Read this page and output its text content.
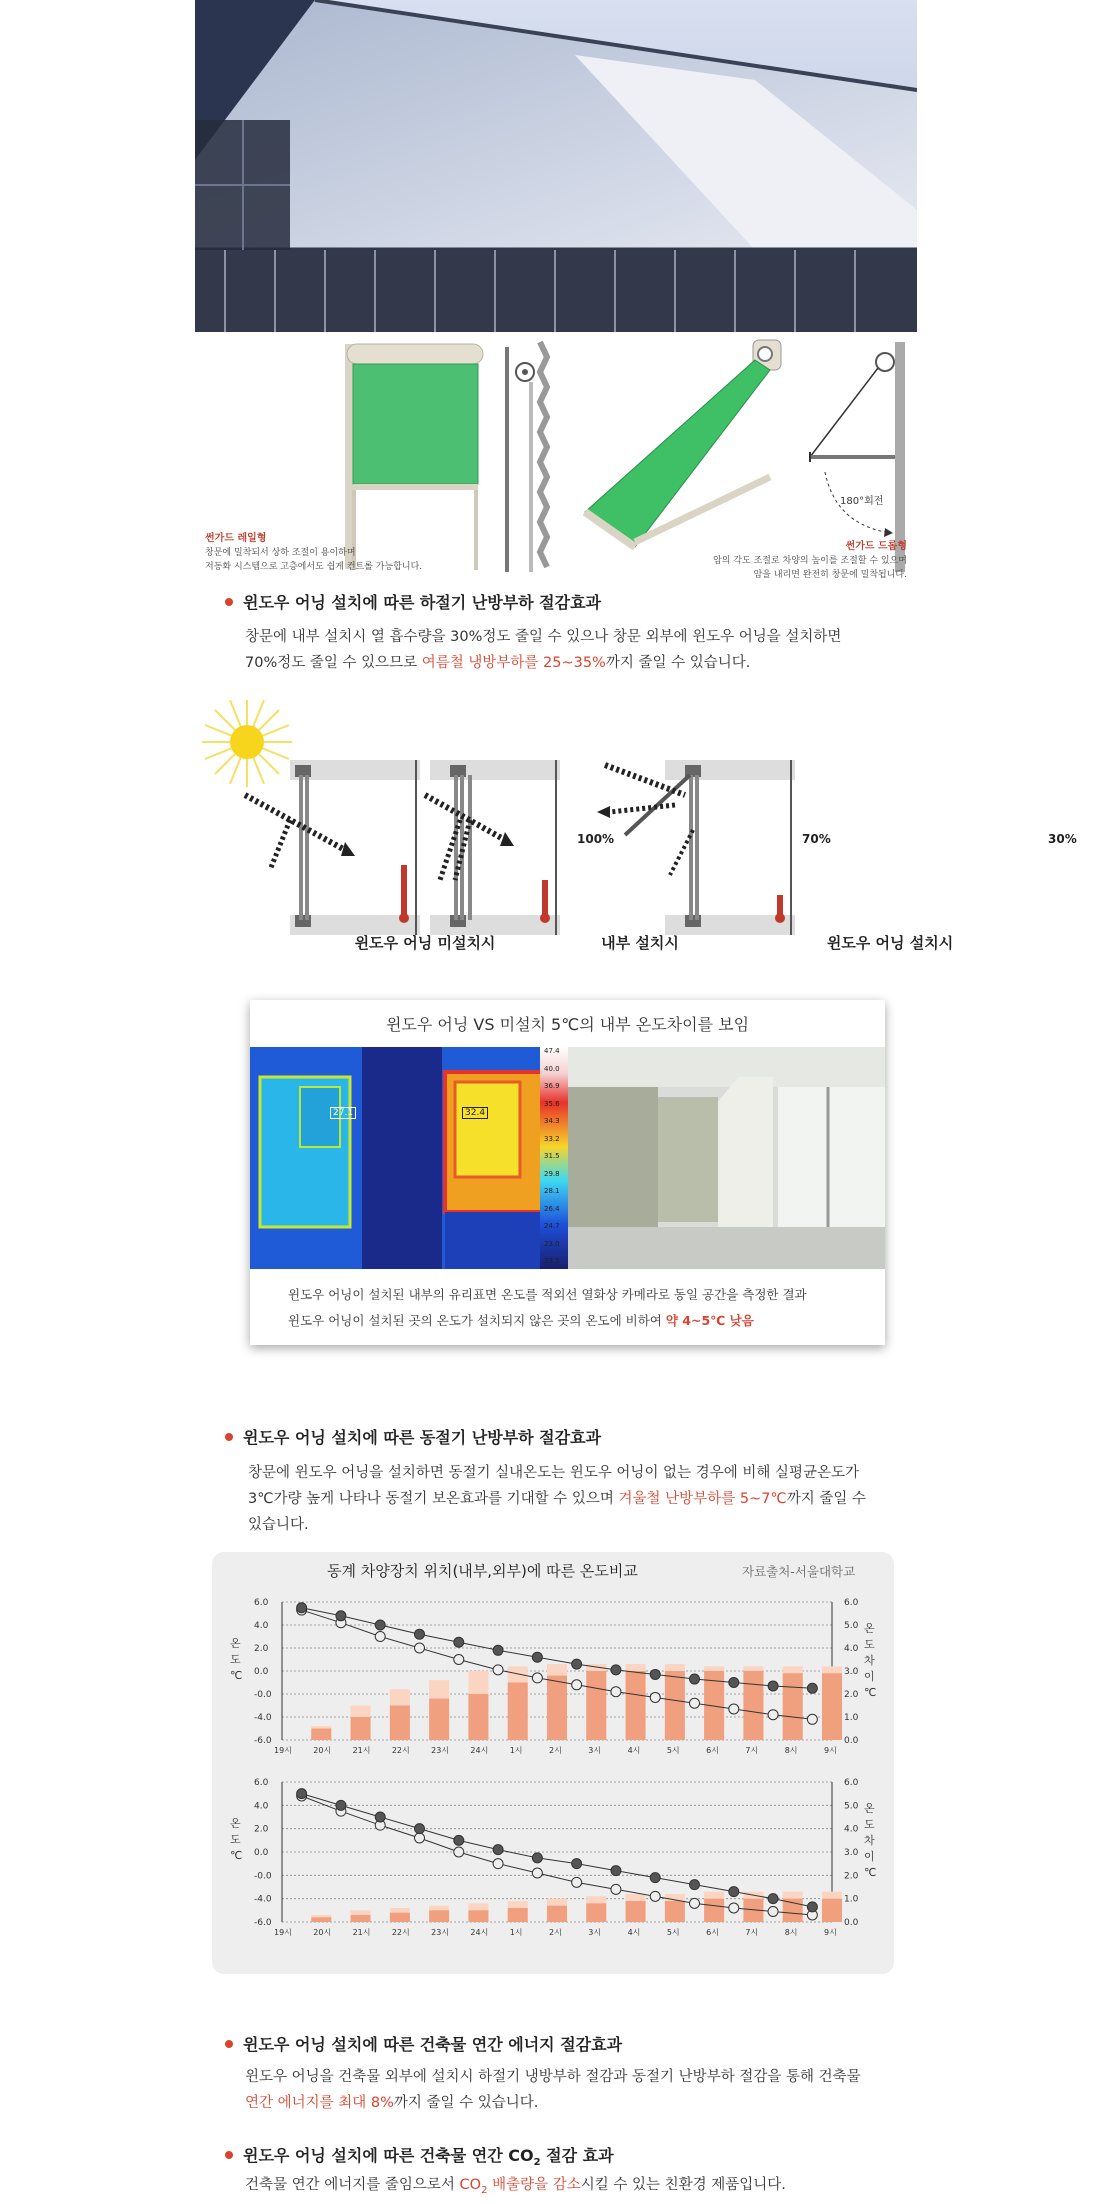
썬가드 레일형
창문에 밀착되서 상하 조절이 용이하며
저동화 시스템으로 고층에서도 쉽게 컨트롤 가능합니다.
180°회전
썬가드 드롭형
암의 각도 조절로 차양의 높이를 조절할 수 있으며
암을 내리면 완전히 창문에 밀착됩니다.
윈도우 어닝 설치에 따른 하절기 난방부하 절감효과
창문에 내부 설치시 열 흡수량을 30%정도 줄일 수 있으나 창문 외부에 윈도우 어닝을 설치하면
70%정도 줄일 수 있으므로 여름철 냉방부하를 25~35%까지 줄일 수 있습니다.
100%	70%	30%
윈도우 어닝 미설치시	내부 설치시	윈도우 어닝 설치시
윈도우 어닝 VS 미설치 5℃의 내부 온도차이를 보임
27.1	32.4
47.4
40.0
36.9
35.6
34.3
33.2
31.5
29.8
28.1
26.4
24.7
23.0
23.5
윈도우 어닝이 설치된 내부의 유리표면 온도를 적외선 열화상 카메라로 동일 공간을 측정한 결과
윈도우 어닝이 설치된 곳의 온도가 설치되지 않은 곳의 온도에 비하여 약 4~5℃ 낮음
윈도우 어닝 설치에 따른 동절기 난방부하 절감효과
창문에 윈도우 어닝을 설치하면 동절기 실내온도는 윈도우 어닝이 없는 경우에 비해 실평균온도가
3℃가량 높게 나타나 동절기 보온효과를 기대할 수 있으며 겨울철 난방부하를 5~7℃까지 줄일 수
있습니다.
동계 차양장치 위치(내부,외부)에 따른 온도비교	자료출처-서울대학교
6.0	6.0
4.0	5.0
2.0	4.0
0.0	3.0
-0.0	2.0
-4.0	1.0
-6.0	0.0
19시	20시	21시	22시	23시	24시	1시	2시	3시	4시	5시	6시	7시	8시	9시
온
도
℃
온
도
차
이
℃
6.0	6.0
4.0	5.0
2.0	4.0
0.0	3.0
-0.0	2.0
-4.0	1.0
-6.0	0.0
19시	20시	21시	22시	23시	24시	1시	2시	3시	4시	5시	6시	7시	8시	9시
온
도
℃
온
도
차
이
℃
윈도우 어닝 설치에 따른 건축물 연간 에너지 절감효과
윈도우 어닝을 건축물 외부에 설치시 하절기 냉방부하 절감과 동절기 난방부하 절감을 통해 건축물
연간 에너지를 최대 8%까지 줄일 수 있습니다.
윈도우 어닝 설치에 따른 건축물 연간 $CO_2$ 절감 효과
건축물 연간 에너지를 줄임으로서 $CO_2$ 배출량을 감소시킬 수 있는 친환경 제품입니다.
